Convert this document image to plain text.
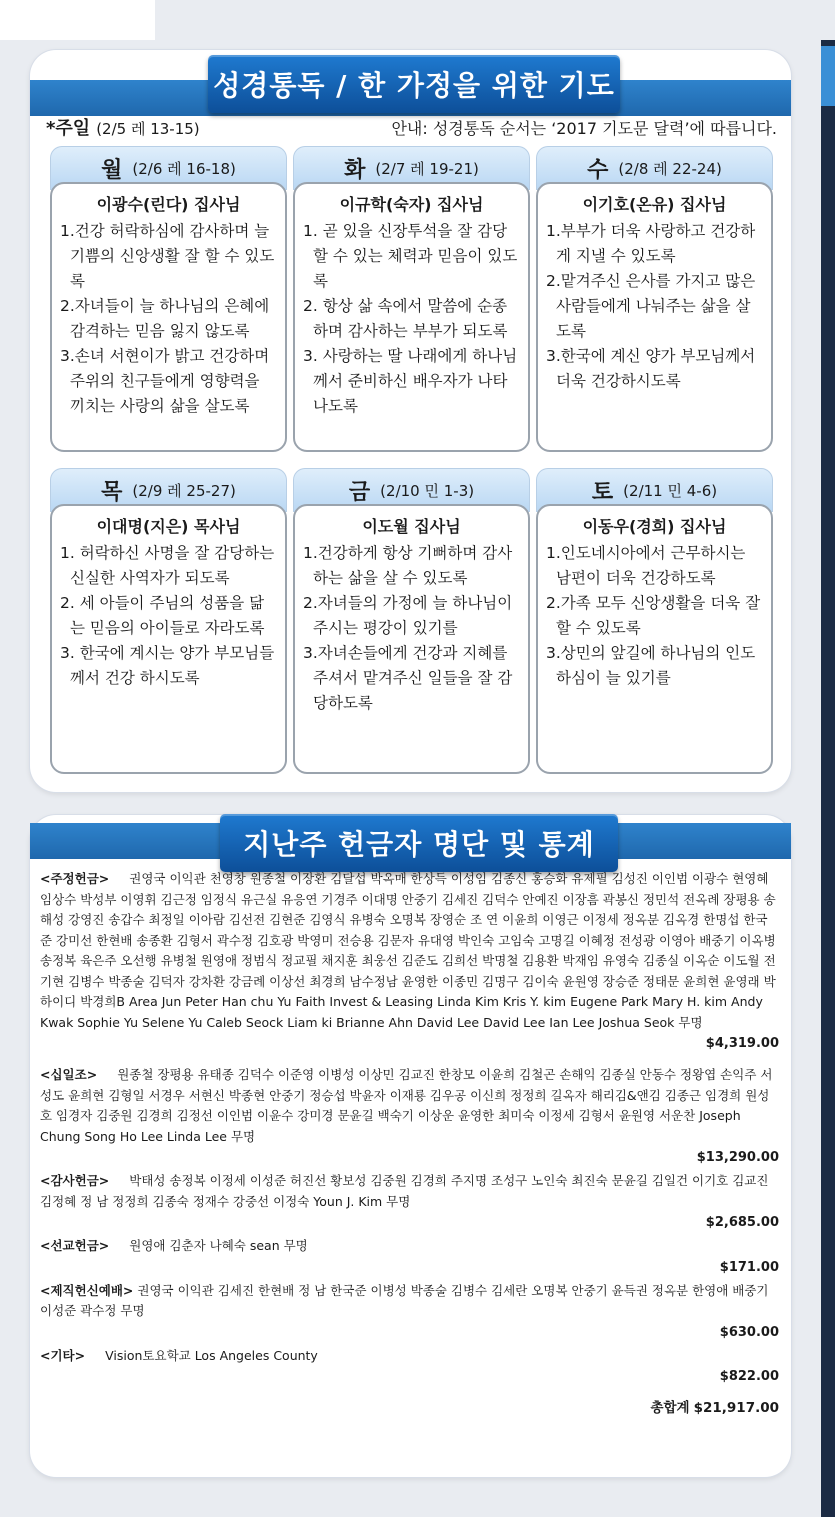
성경통독 / 한 가정을 위한 기도
*주일 (2/5 레 13-15)	안내: 성경통독 순서는 ‘2017 기도문 달력’에 따릅니다.
월 (2/6 레 16-18)
이광수(린다) 집사님
1.건강 허락하심에 감사하며 늘 기쁨의 신앙생활 잘 할 수 있도록
2.자녀들이 늘 하나님의 은혜에 감격하는 믿음 잃지 않도록
3.손녀 서현이가 밝고 건강하며 주위의 친구들에게 영향력을 끼치는 사랑의 삶을 살도록
화 (2/7 레 19-21)
이규학(숙자) 집사님
1. 곧 있을 신장투석을 잘 감당할 수 있는 체력과 믿음이 있도록
2. 항상 삶 속에서 말씀에 순종하며 감사하는 부부가 되도록
3. 사랑하는 딸 나래에게 하나님께서 준비하신 배우자가 나타나도록
수 (2/8 레 22-24)
이기호(온유) 집사님
1.부부가 더욱 사랑하고 건강하게 지낼 수 있도록
2.맡겨주신 은사를 가지고 많은 사람들에게 나눠주는 삶을 살도록
3.한국에 계신 양가 부모님께서 더욱 건강하시도록
목 (2/9 레 25-27)
이대명(지은) 목사님
1. 허락하신 사명을 잘 감당하는 신실한 사역자가 되도록
2. 세 아들이 주님의 성품을 닮는 믿음의 아이들로 자라도록
3. 한국에 계시는 양가 부모님들께서 건강 하시도록
금 (2/10 민 1-3)
이도월 집사님
1.건강하게 항상 기뻐하며 감사하는 삶을 살 수 있도록
2.자녀들의 가정에 늘 하나님이 주시는 평강이 있기를
3.자녀손들에게 건강과 지혜를 주셔서 맡겨주신 일들을 잘 감당하도록
토 (2/11 민 4-6)
이동우(경희) 집사님
1.인도네시아에서 근무하시는 남편이 더욱 건강하도록
2.가족 모두 신앙생활을 더욱 잘 할 수 있도록
3.상민의 앞길에 하나님의 인도하심이 늘 있기를
지난주 헌금자 명단 및 통계
<주정헌금> 권영국 이익관 천영창 원종철 이장환 김달섭 박옥매 한상득 이성임 김종신 홍승화 유제필 김성진 이인범 이광수 현영혜 임상수 박성부 이영휘 김근정 임정식 유근실 유응연 기경주 이대명 안중기 김세진 김덕수 안예진 이장흠 곽봉신 정민석 전옥례 장평용 송해성 강영진 송갑수 최정일 이아람 김선전 김현준 김영식 유병숙 오명복 장영순 조 연 이윤희 이영근 이정세 정옥분 김옥경 한명섭 한국준 강미선 한현배 송종환 김형서 곽수정 김호광 박영미 전승용 김문자 유대영 박인숙 고임숙 고명길 이혜정 전성광 이영아 배중기 이옥병 송정복 육은주 오선행 유병철 원영애 정범식 정교필 채지훈 최웅선 김준도 김희선 박명철 김용환 박재임 유영숙 김종실 이옥순 이도월 전기현 김병수 박종술 김덕자 강차환 강금례 이상선 최경희 남수정남 윤영한 이종민 김명구 김이숙 윤원영 장승준 정태문 윤희현 윤영래 박하이디 박경희B Area Jun Peter Han chu Yu Faith Invest & Leasing Linda Kim Kris Y. kim Eugene Park Mary H. kim Andy Kwak Sophie Yu Selene Yu Caleb Seock Liam ki Brianne Ahn David Lee David Lee Ian Lee Joshua Seok 무명
$4,319.00
<십일조> 원종철 장평용 유태종 김덕수 이준영 이병성 이상민 김교진 한창모 이윤희 김철곤 손해익 김종실 안동수 정왕엽 손익주 서성도 윤희현 김형일 서경우 서현신 박종현 안중기 정승섭 박윤자 이재룡 김우공 이신희 정정희 길옥자 해리김&앤김 김종근 임경희 원성호 임경자 김중원 김경희 김정선 이인범 이윤수 강미경 문윤길 백숙기 이상운 윤영한 최미숙 이정세 김형서 윤원영 서운찬 Joseph Chung Song Ho Lee Linda Lee 무명
$13,290.00
<감사헌금> 박태성 송정복 이정세 이성준 허진선 황보성 김중원 김경희 주지명 조성구 노인숙 최진숙 문윤길 김일건 이기호 김교진 김정혜 정 남 정정희 김종숙 정재수 강중선 이정숙 Youn J. Kim 무명
$2,685.00
<선교헌금> 원영애 김춘자 나혜숙 sean 무명
$171.00
<제직헌신예배> 권영국 이익관 김세진 한현배 정 남 한국준 이병성 박종술 김병수 김세란 오명복 안중기 윤득권 정옥분 한영애 배중기 이성준 곽수정 무명
$630.00
<기타> Vision토요학교 Los Angeles County
$822.00
총합계 $21,917.00
